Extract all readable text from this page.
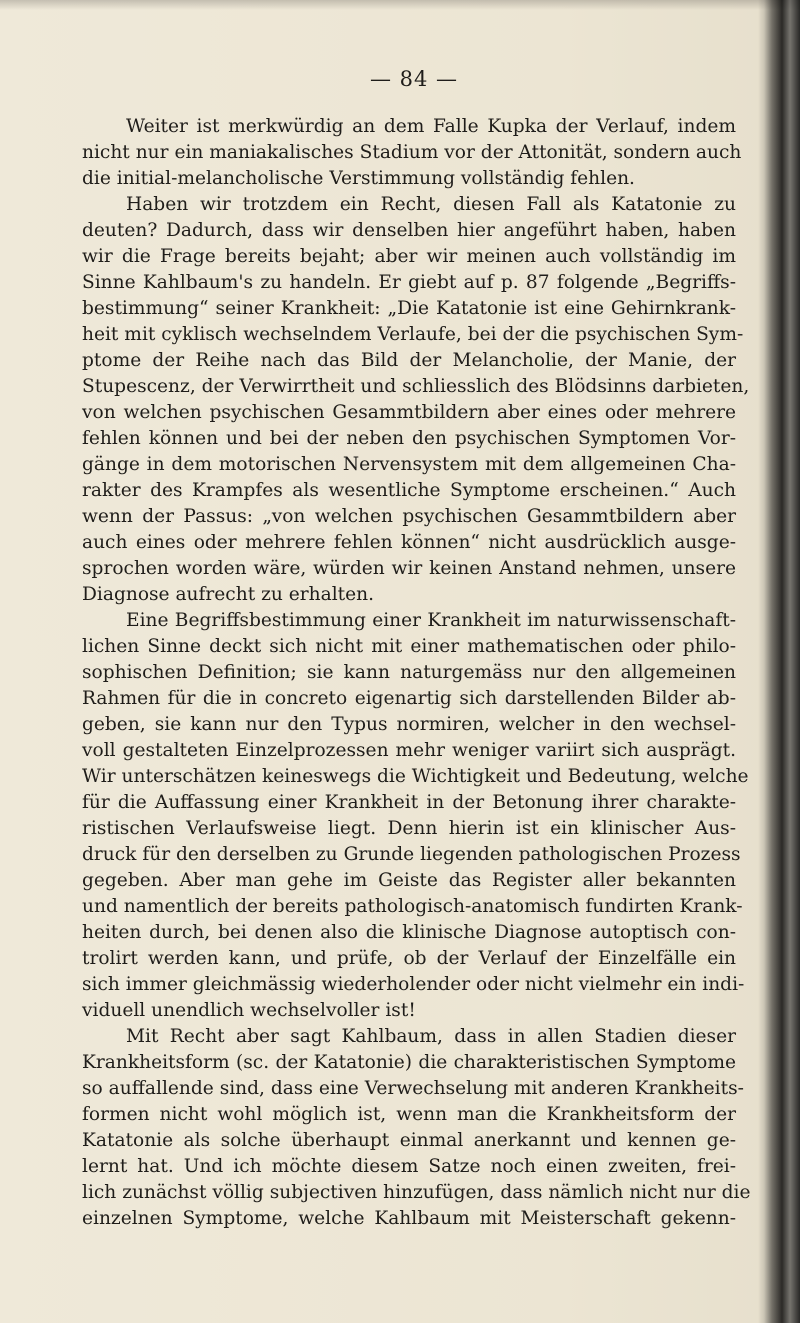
— 84 —
Weiter ist merkwürdig an dem Falle Kupka der Verlauf, indem
nicht nur ein maniakalisches Stadium vor der Attonität, sondern auch
die initial-melancholische Verstimmung vollständig fehlen.
Haben wir trotzdem ein Recht, diesen Fall als Katatonie zu
deuten? Dadurch, dass wir denselben hier angeführt haben, haben
wir die Frage bereits bejaht; aber wir meinen auch vollständig im
Sinne Kahlbaum's zu handeln. Er giebt auf p. 87 folgende „Begriffs-
bestimmung“ seiner Krankheit: „Die Katatonie ist eine Gehirnkrank-
heit mit cyklisch wechselndem Verlaufe, bei der die psychischen Sym-
ptome der Reihe nach das Bild der Melancholie, der Manie, der
Stupescenz, der Verwirrtheit und schliesslich des Blödsinns darbieten,
von welchen psychischen Gesammtbildern aber eines oder mehrere
fehlen können und bei der neben den psychischen Symptomen Vor-
gänge in dem motorischen Nervensystem mit dem allgemeinen Cha-
rakter des Krampfes als wesentliche Symptome erscheinen.“ Auch
wenn der Passus: „von welchen psychischen Gesammtbildern aber
auch eines oder mehrere fehlen können“ nicht ausdrücklich ausge-
sprochen worden wäre, würden wir keinen Anstand nehmen, unsere
Diagnose aufrecht zu erhalten.
Eine Begriffsbestimmung einer Krankheit im naturwissenschaft-
lichen Sinne deckt sich nicht mit einer mathematischen oder philo-
sophischen Definition; sie kann naturgemäss nur den allgemeinen
Rahmen für die in concreto eigenartig sich darstellenden Bilder ab-
geben, sie kann nur den Typus normiren, welcher in den wechsel-
voll gestalteten Einzelprozessen mehr weniger variirt sich ausprägt.
Wir unterschätzen keineswegs die Wichtigkeit und Bedeutung, welche
für die Auffassung einer Krankheit in der Betonung ihrer charakte-
ristischen Verlaufsweise liegt. Denn hierin ist ein klinischer Aus-
druck für den derselben zu Grunde liegenden pathologischen Prozess
gegeben. Aber man gehe im Geiste das Register aller bekannten
und namentlich der bereits pathologisch-anatomisch fundirten Krank-
heiten durch, bei denen also die klinische Diagnose autoptisch con-
trolirt werden kann, und prüfe, ob der Verlauf der Einzelfälle ein
sich immer gleichmässig wiederholender oder nicht vielmehr ein indi-
viduell unendlich wechselvoller ist!
Mit Recht aber sagt Kahlbaum, dass in allen Stadien dieser
Krankheitsform (sc. der Katatonie) die charakteristischen Symptome
so auffallende sind, dass eine Verwechselung mit anderen Krankheits-
formen nicht wohl möglich ist, wenn man die Krankheitsform der
Katatonie als solche überhaupt einmal anerkannt und kennen ge-
lernt hat. Und ich möchte diesem Satze noch einen zweiten, frei-
lich zunächst völlig subjectiven hinzufügen, dass nämlich nicht nur die
einzelnen Symptome, welche Kahlbaum mit Meisterschaft gekenn-
